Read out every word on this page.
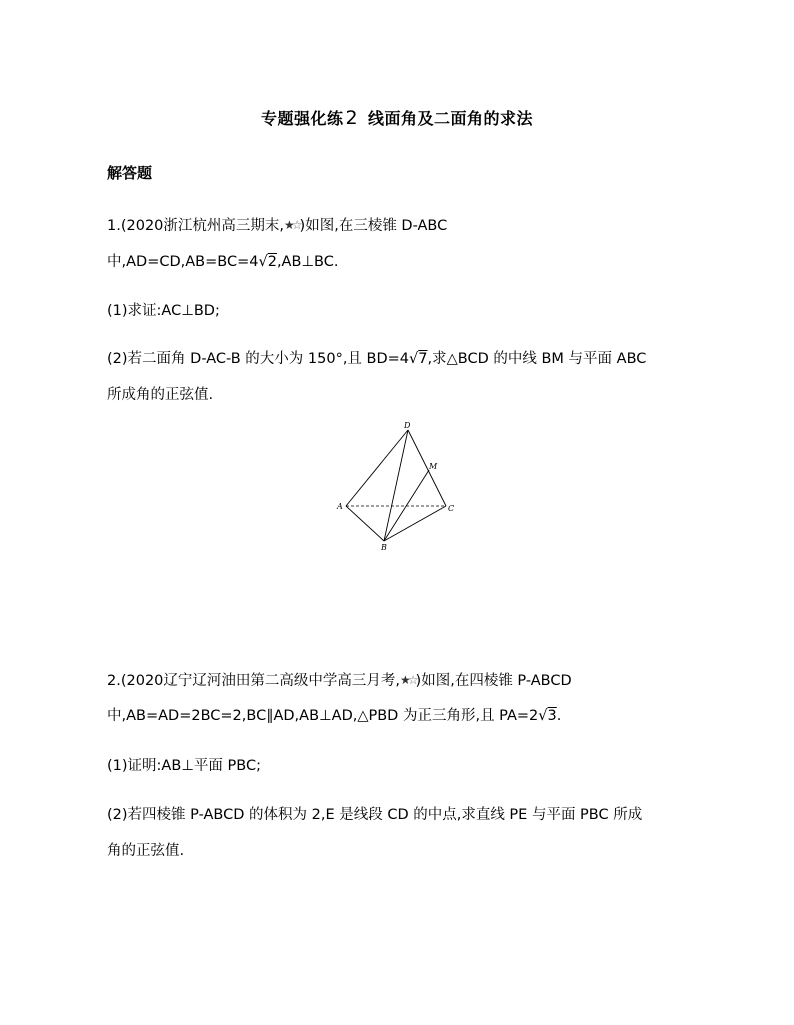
专题强化练 2 线面角及二面角的求法
解答题
1.(2020浙江杭州高三期末,★☆)如图,在三棱锥 D-ABC
中,AD=CD,AB=BC=4√2,AB⊥BC.
(1)求证:AC⊥BD;
(2)若二面角 D-AC-B 的大小为 150°,且 BD=4√7,求△BCD 的中线 BM 与平面 ABC
所成角的正弦值.
A
D
M
C
B
2.(2020辽宁辽河油田第二高级中学高三月考,★☆)如图,在四棱锥 P-ABCD
中,AB=AD=2BC=2,BC∥AD,AB⊥AD,△PBD 为正三角形,且 PA=2√3.
(1)证明:AB⊥平面 PBC;
(2)若四棱锥 P-ABCD 的体积为 2,E 是线段 CD 的中点,求直线 PE 与平面 PBC 所成
角的正弦值.
